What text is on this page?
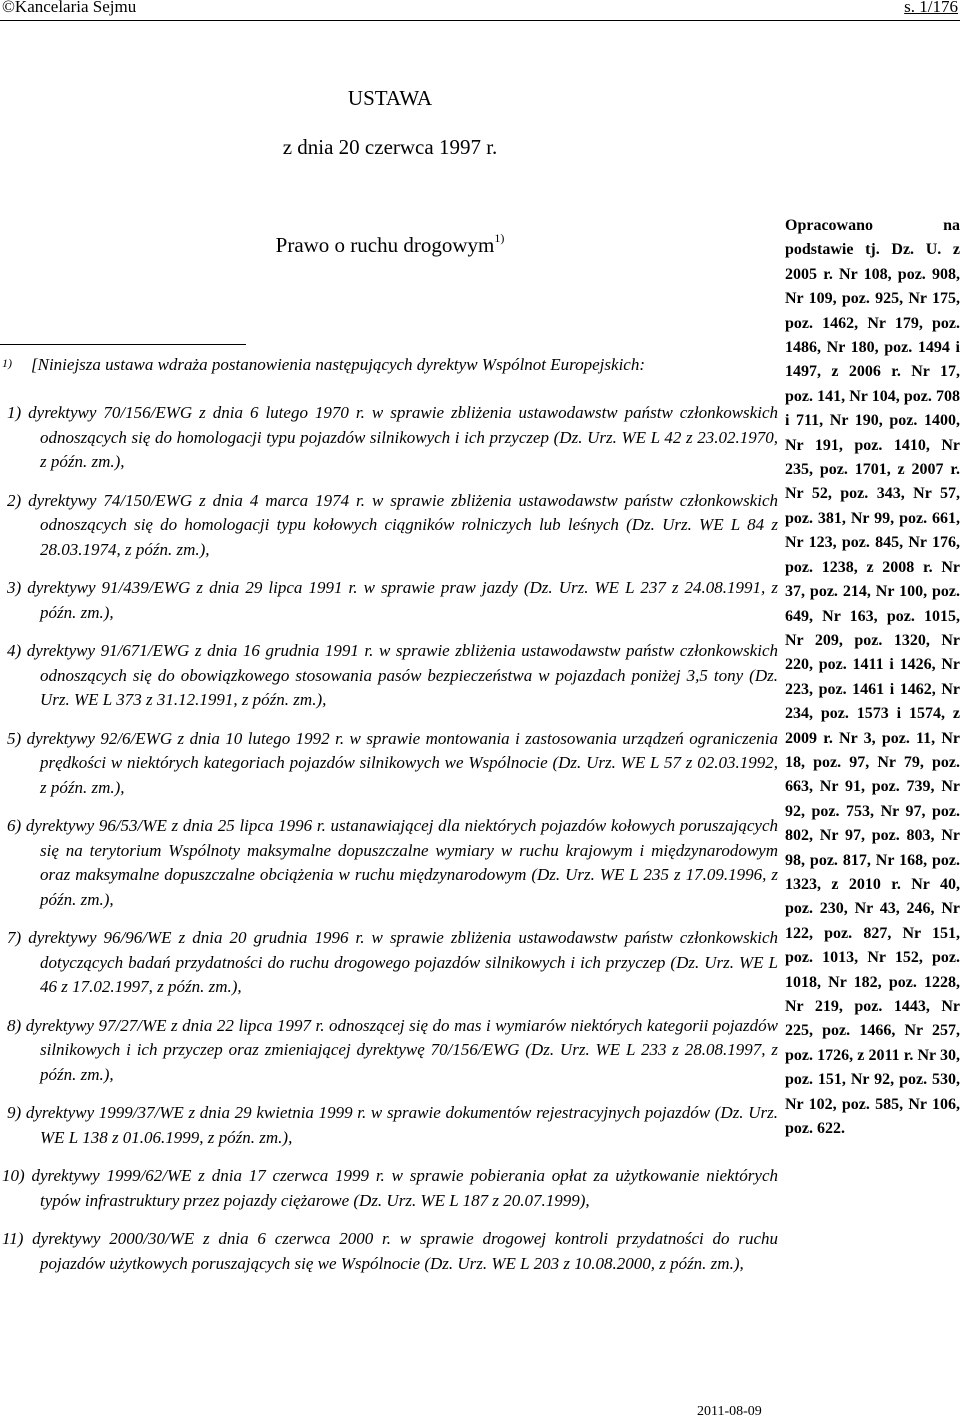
©Kancelaria Sejmu	s. 1/176
USTAWA
z dnia 20 czerwca 1997 r.
Prawo o ruchu drogowym$^{1)}$
1) [Niniejsza ustawa wdraża postanowienia następujących dyrektyw Wspólnot Europejskich:
1) dyrektywy 70/156/EWG z dnia 6 lutego 1970 r. w sprawie zbliżenia ustawodawstw państw członkowskich odnoszących się do homologacji typu pojazdów silnikowych i ich przyczep (Dz. Urz. WE L 42 z 23.02.1970, z późn. zm.),
2) dyrektywy 74/150/EWG z dnia 4 marca 1974 r. w sprawie zbliżenia ustawodawstw państw członkowskich odnoszących się do homologacji typu kołowych ciągników rolniczych lub leśnych (Dz. Urz. WE L 84 z 28.03.1974, z późn. zm.),
3) dyrektywy 91/439/EWG z dnia 29 lipca 1991 r. w sprawie praw jazdy (Dz. Urz. WE L 237 z 24.08.1991, z późn. zm.),
4) dyrektywy 91/671/EWG z dnia 16 grudnia 1991 r. w sprawie zbliżenia ustawodawstw państw członkowskich odnoszących się do obowiązkowego stosowania pasów bezpieczeństwa w pojazdach poniżej 3,5 tony (Dz. Urz. WE L 373 z 31.12.1991, z późn. zm.),
5) dyrektywy 92/6/EWG z dnia 10 lutego 1992 r. w sprawie montowania i zastosowania urządzeń ograniczenia prędkości w niektórych kategoriach pojazdów silnikowych we Wspólnocie (Dz. Urz. WE L 57 z 02.03.1992, z późn. zm.),
6) dyrektywy 96/53/WE z dnia 25 lipca 1996 r. ustanawiającej dla niektórych pojazdów kołowych poruszających się na terytorium Wspólnoty maksymalne dopuszczalne wymiary w ruchu krajowym i międzynarodowym oraz maksymalne dopuszczalne obciążenia w ruchu międzynarodowym (Dz. Urz. WE L 235 z 17.09.1996, z późn. zm.),
7) dyrektywy 96/96/WE z dnia 20 grudnia 1996 r. w sprawie zbliżenia ustawodawstw państw członkowskich dotyczących badań przydatności do ruchu drogowego pojazdów silnikowych i ich przyczep (Dz. Urz. WE L 46 z 17.02.1997, z późn. zm.),
8) dyrektywy 97/27/WE z dnia 22 lipca 1997 r. odnoszącej się do mas i wymiarów niektórych kategorii pojazdów silnikowych i ich przyczep oraz zmieniającej dyrektywę 70/156/EWG (Dz. Urz. WE L 233 z 28.08.1997, z późn. zm.),
9) dyrektywy 1999/37/WE z dnia 29 kwietnia 1999 r. w sprawie dokumentów rejestracyjnych pojazdów (Dz. Urz. WE L 138 z 01.06.1999, z późn. zm.),
10) dyrektywy 1999/62/WE z dnia 17 czerwca 1999 r. w sprawie pobierania opłat za użytkowanie niektórych typów infrastruktury przez pojazdy ciężarowe (Dz. Urz. WE L 187 z 20.07.1999),
11) dyrektywy 2000/30/WE z dnia 6 czerwca 2000 r. w sprawie drogowej kontroli przydatności do ruchu pojazdów użytkowych poruszających się we Wspólnocie (Dz. Urz. WE L 203 z 10.08.2000, z późn. zm.),
Opracowano na podstawie tj. Dz. U. z 2005 r. Nr 108, poz. 908, Nr 109, poz. 925, Nr 175, poz. 1462, Nr 179, poz. 1486, Nr 180, poz. 1494 i 1497, z 2006 r. Nr 17, poz. 141, Nr 104, poz. 708 i 711, Nr 190, poz. 1400, Nr 191, poz. 1410, Nr 235, poz. 1701, z 2007 r. Nr 52, poz. 343, Nr 57, poz. 381, Nr 99, poz. 661, Nr 123, poz. 845, Nr 176, poz. 1238, z 2008 r. Nr 37, poz. 214, Nr 100, poz. 649, Nr 163, poz. 1015, Nr 209, poz. 1320, Nr 220, poz. 1411 i 1426, Nr 223, poz. 1461 i 1462, Nr 234, poz. 1573 i 1574, z 2009 r. Nr 3, poz. 11, Nr 18, poz. 97, Nr 79, poz. 663, Nr 91, poz. 739, Nr 92, poz. 753, Nr 97, poz. 802, Nr 97, poz. 803, Nr 98, poz. 817, Nr 168, poz. 1323, z 2010 r. Nr 40, poz. 230, Nr 43, 246, Nr 122, poz. 827, Nr 151, poz. 1013, Nr 152, poz. 1018, Nr 182, poz. 1228, Nr 219, poz. 1443, Nr 225, poz. 1466, Nr 257, poz. 1726, z 2011 r. Nr 30, poz. 151, Nr 92, poz. 530, Nr 102, poz. 585, Nr 106, poz. 622.
2011-08-09
